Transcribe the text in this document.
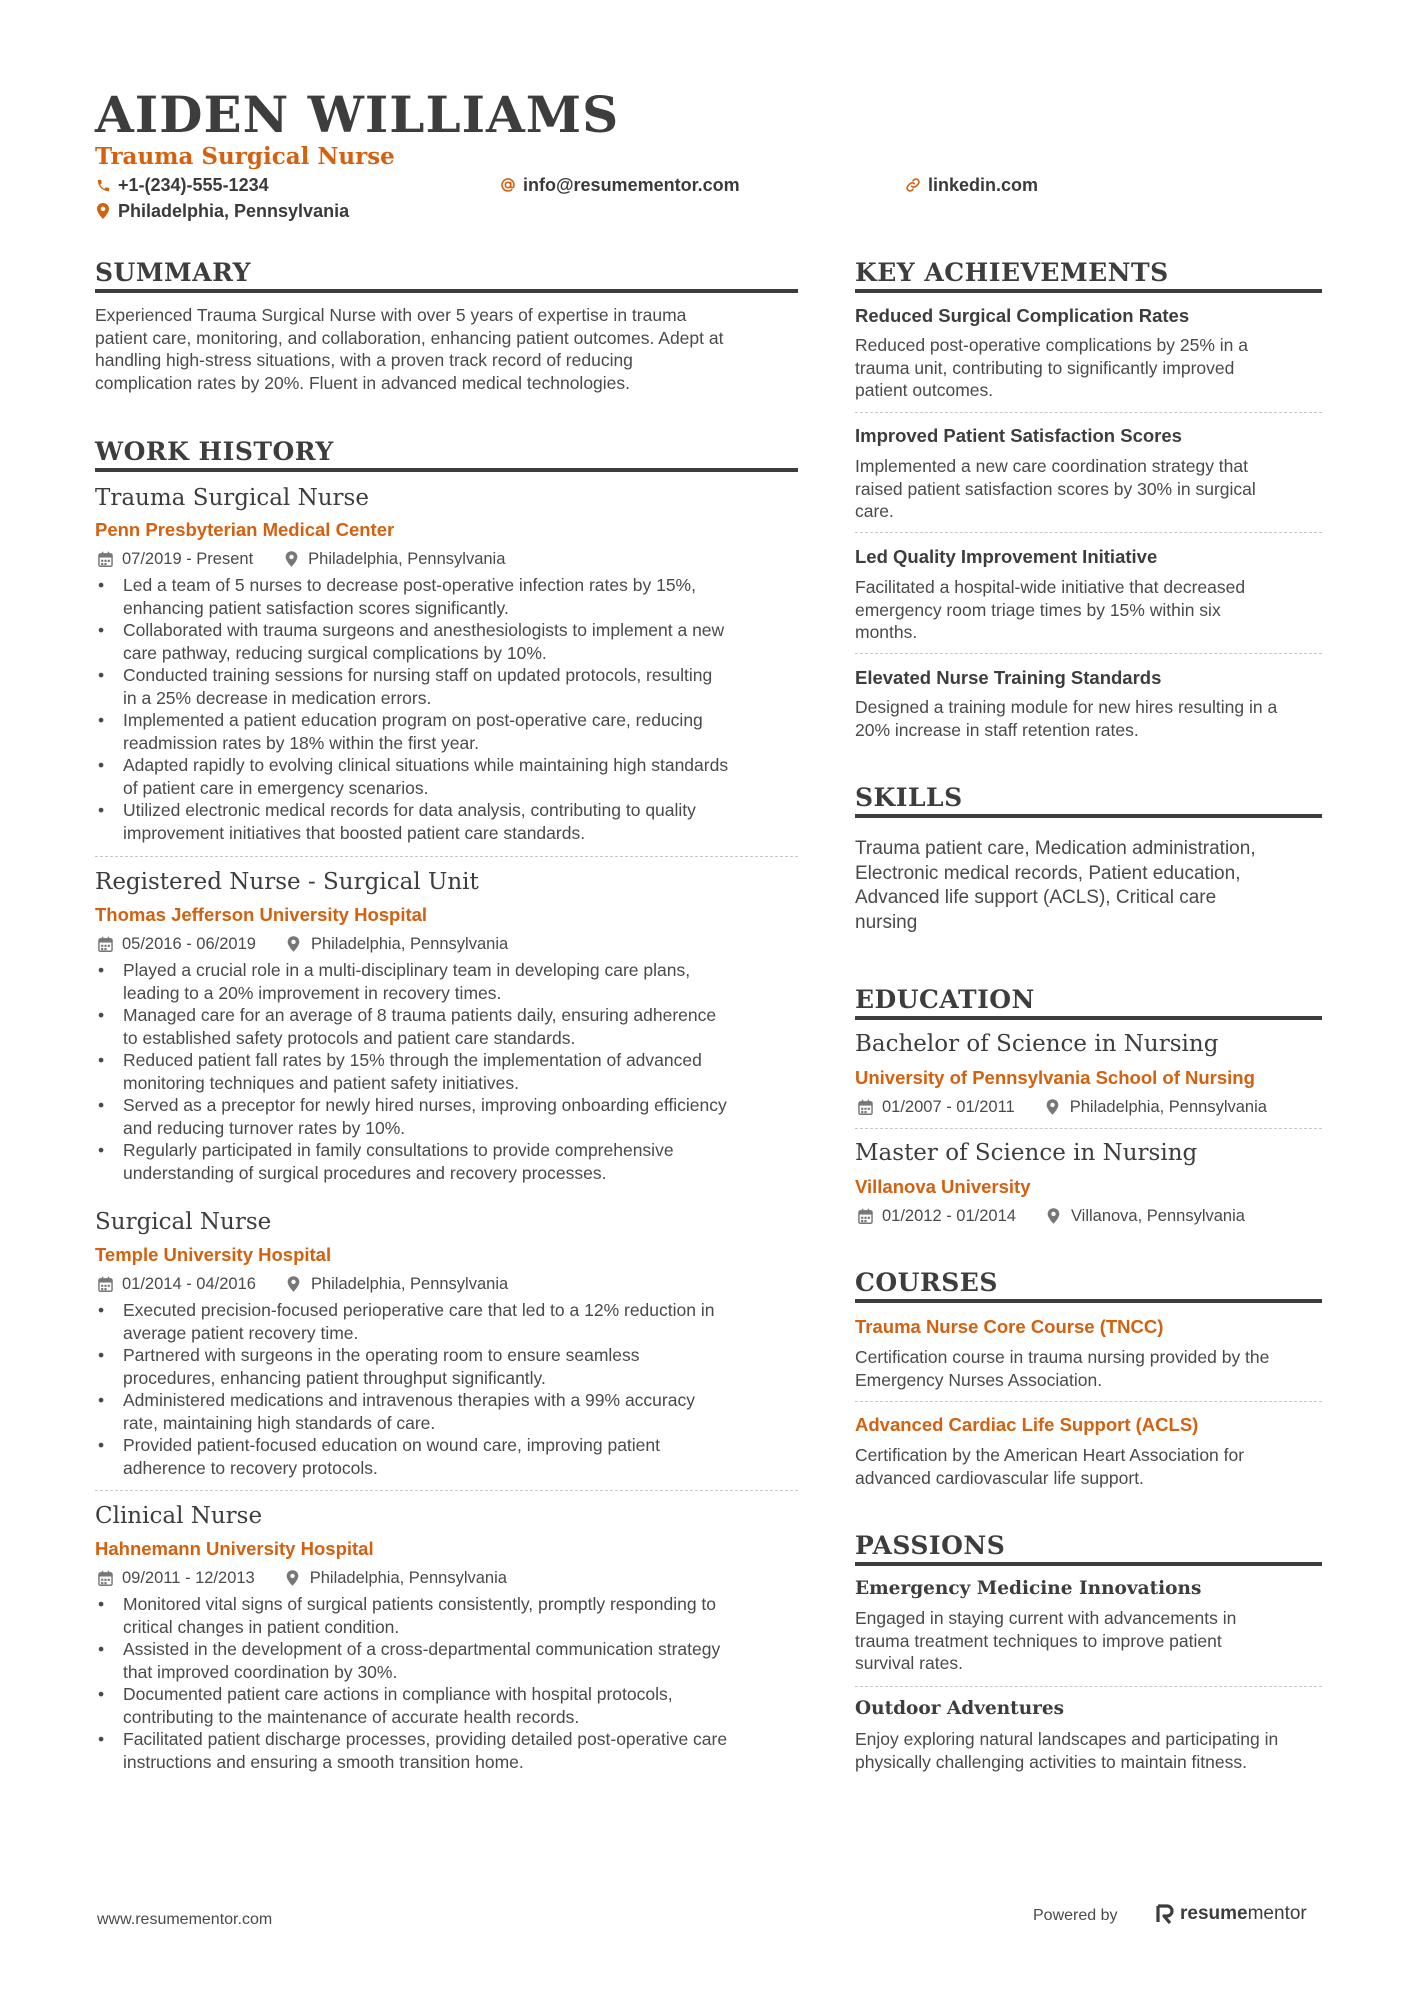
AIDEN WILLIAMS
Trauma Surgical Nurse
+1-(234)-555-1234	info@resumementor.com	linkedin.com
Philadelphia, Pennsylvania
SUMMARY
Experienced Trauma Surgical Nurse with over 5 years of expertise in trauma
patient care, monitoring, and collaboration, enhancing patient outcomes. Adept at
handling high-stress situations, with a proven track record of reducing
complication rates by 20%. Fluent in advanced medical technologies.
WORK HISTORY
Trauma Surgical Nurse
Penn Presbyterian Medical Center
07/2019 - Present	Philadelphia, Pennsylvania
• Led a team of 5 nurses to decrease post-operative infection rates by 15%,
enhancing patient satisfaction scores significantly.
• Collaborated with trauma surgeons and anesthesiologists to implement a new
care pathway, reducing surgical complications by 10%.
• Conducted training sessions for nursing staff on updated protocols, resulting
in a 25% decrease in medication errors.
• Implemented a patient education program on post-operative care, reducing
readmission rates by 18% within the first year.
• Adapted rapidly to evolving clinical situations while maintaining high standards
of patient care in emergency scenarios.
• Utilized electronic medical records for data analysis, contributing to quality
improvement initiatives that boosted patient care standards.
Registered Nurse - Surgical Unit
Thomas Jefferson University Hospital
05/2016 - 06/2019	Philadelphia, Pennsylvania
• Played a crucial role in a multi-disciplinary team in developing care plans,
leading to a 20% improvement in recovery times.
• Managed care for an average of 8 trauma patients daily, ensuring adherence
to established safety protocols and patient care standards.
• Reduced patient fall rates by 15% through the implementation of advanced
monitoring techniques and patient safety initiatives.
• Served as a preceptor for newly hired nurses, improving onboarding efficiency
and reducing turnover rates by 10%.
• Regularly participated in family consultations to provide comprehensive
understanding of surgical procedures and recovery processes.
Surgical Nurse
Temple University Hospital
01/2014 - 04/2016	Philadelphia, Pennsylvania
• Executed precision-focused perioperative care that led to a 12% reduction in
average patient recovery time.
• Partnered with surgeons in the operating room to ensure seamless
procedures, enhancing patient throughput significantly.
• Administered medications and intravenous therapies with a 99% accuracy
rate, maintaining high standards of care.
• Provided patient-focused education on wound care, improving patient
adherence to recovery protocols.
Clinical Nurse
Hahnemann University Hospital
09/2011 - 12/2013	Philadelphia, Pennsylvania
• Monitored vital signs of surgical patients consistently, promptly responding to
critical changes in patient condition.
• Assisted in the development of a cross-departmental communication strategy
that improved coordination by 30%.
• Documented patient care actions in compliance with hospital protocols,
contributing to the maintenance of accurate health records.
• Facilitated patient discharge processes, providing detailed post-operative care
instructions and ensuring a smooth transition home.
KEY ACHIEVEMENTS
Reduced Surgical Complication Rates
Reduced post-operative complications by 25% in a
trauma unit, contributing to significantly improved
patient outcomes.
Improved Patient Satisfaction Scores
Implemented a new care coordination strategy that
raised patient satisfaction scores by 30% in surgical
care.
Led Quality Improvement Initiative
Facilitated a hospital-wide initiative that decreased
emergency room triage times by 15% within six
months.
Elevated Nurse Training Standards
Designed a training module for new hires resulting in a
20% increase in staff retention rates.
SKILLS
Trauma patient care, Medication administration,
Electronic medical records, Patient education,
Advanced life support (ACLS), Critical care
nursing
EDUCATION
Bachelor of Science in Nursing
University of Pennsylvania School of Nursing
01/2007 - 01/2011	Philadelphia, Pennsylvania
Master of Science in Nursing
Villanova University
01/2012 - 01/2014	Villanova, Pennsylvania
COURSES
Trauma Nurse Core Course (TNCC)
Certification course in trauma nursing provided by the
Emergency Nurses Association.
Advanced Cardiac Life Support (ACLS)
Certification by the American Heart Association for
advanced cardiovascular life support.
PASSIONS
Emergency Medicine Innovations
Engaged in staying current with advancements in
trauma treatment techniques to improve patient
survival rates.
Outdoor Adventures
Enjoy exploring natural landscapes and participating in
physically challenging activities to maintain fitness.
www.resumementor.com	Powered by	resume mentor
